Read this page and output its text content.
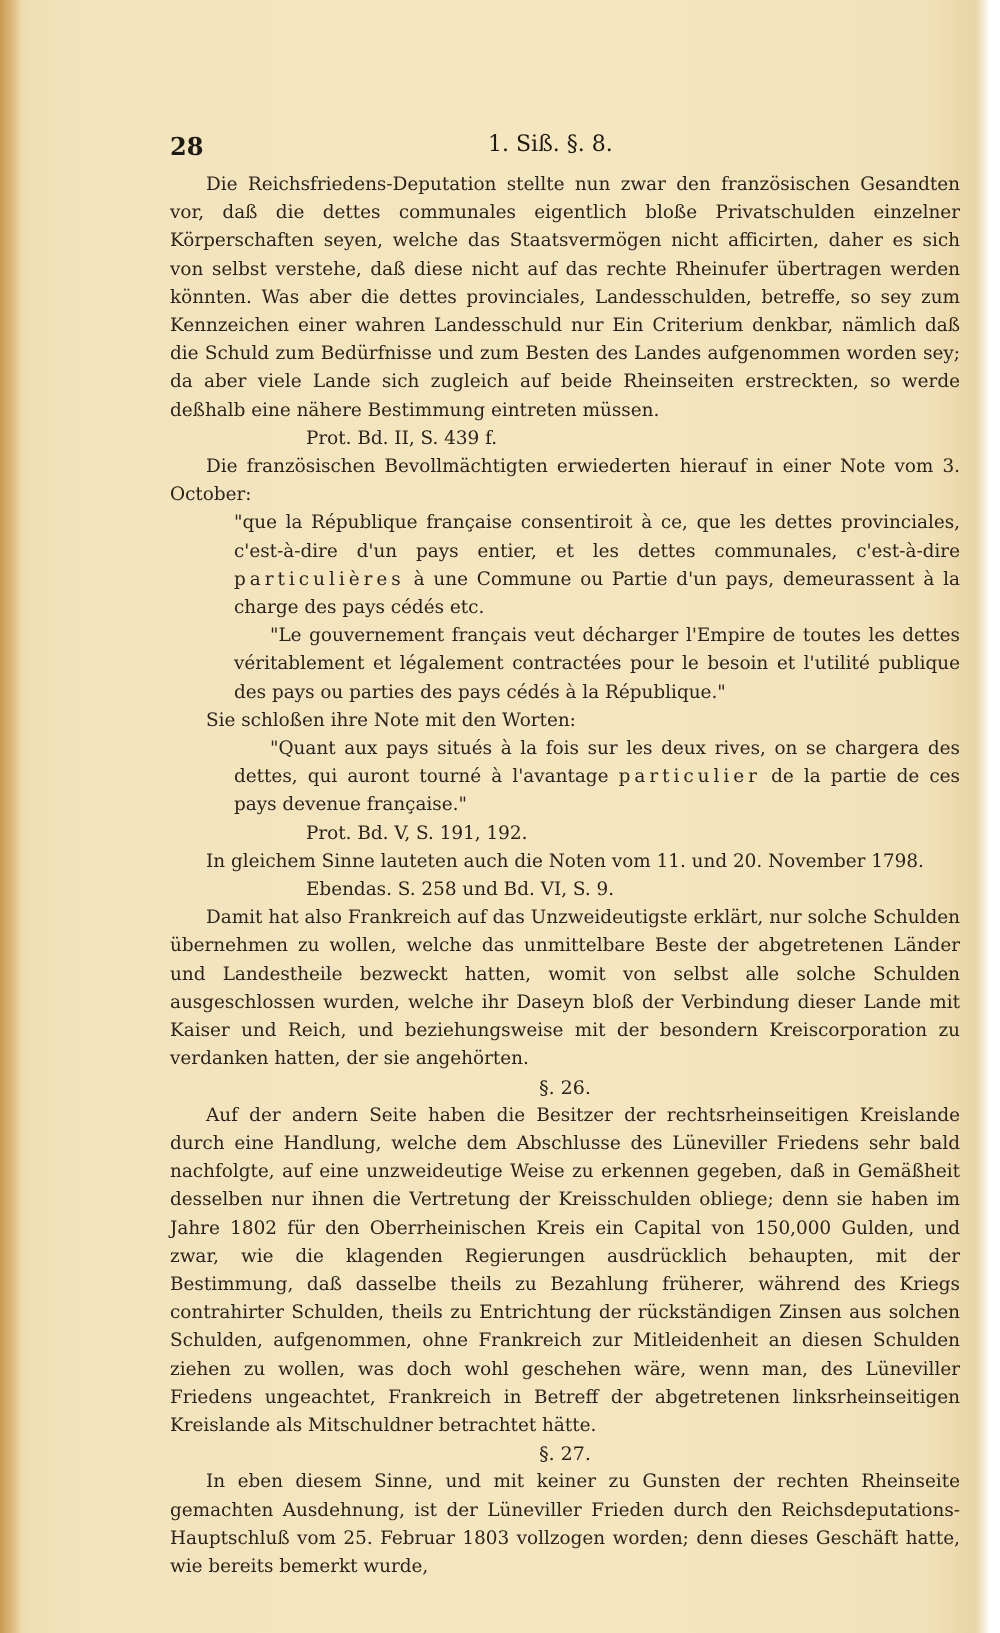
28	1. Siß. §. 8.

Die Reichsfriedens-Deputation stellte nun zwar den französischen Gesandten vor, daß die dettes communales eigentlich bloße Privatschulden einzelner Körperschaften seyen, welche das Staatsvermögen nicht afficirten, daher es sich von selbst verstehe, daß diese nicht auf das rechte Rheinufer übertragen werden könnten. Was aber die dettes provinciales, Landesschulden, betreffe, so sey zum Kennzeichen einer wahren Landesschuld nur Ein Criterium denkbar, nämlich daß die Schuld zum Bedürfnisse und zum Besten des Landes aufgenommen worden sey; da aber viele Lande sich zugleich auf beide Rheinseiten erstreckten, so werde deßhalb eine nähere Bestimmung eintreten müssen.

Prot. Bd. II, S. 439 f.

Die französischen Bevollmächtigten erwiederten hierauf in einer Note vom 3. October:

"que la République française consentiroit à ce, que les dettes provinciales, c'est-à-dire d'un pays entier, et les dettes communales, c'est-à-dire particulières à une Commune ou Partie d'un pays, demeurassent à la charge des pays cédés etc.

"Le gouvernement français veut décharger l'Empire de toutes les dettes véritablement et légalement contractées pour le besoin et l'utilité publique des pays ou parties des pays cédés à la République."

Sie schloßen ihre Note mit den Worten:

"Quant aux pays situés à la fois sur les deux rives, on se chargera des dettes, qui auront tourné à l'avantage particulier de la partie de ces pays devenue française."

Prot. Bd. V, S. 191, 192.

In gleichem Sinne lauteten auch die Noten vom 11. und 20. November 1798.

Ebendas. S. 258 und Bd. VI, S. 9.

Damit hat also Frankreich auf das Unzweideutigste erklärt, nur solche Schulden übernehmen zu wollen, welche das unmittelbare Beste der abgetretenen Länder und Landestheile bezweckt hatten, womit von selbst alle solche Schulden ausgeschlossen wurden, welche ihr Daseyn bloß der Verbindung dieser Lande mit Kaiser und Reich, und beziehungsweise mit der besondern Kreiscorporation zu verdanken hatten, der sie angehörten.

§. 26.

Auf der andern Seite haben die Besitzer der rechtsrheinseitigen Kreislande durch eine Handlung, welche dem Abschlusse des Lüneviller Friedens sehr bald nachfolgte, auf eine unzweideutige Weise zu erkennen gegeben, daß in Gemäßheit desselben nur ihnen die Vertretung der Kreisschulden obliege; denn sie haben im Jahre 1802 für den Oberrheinischen Kreis ein Capital von 150,000 Gulden, und zwar, wie die klagenden Regierungen ausdrücklich behaupten, mit der Bestimmung, daß dasselbe theils zu Bezahlung früherer, während des Kriegs contrahirter Schulden, theils zu Entrichtung der rückständigen Zinsen aus solchen Schulden, aufgenommen, ohne Frankreich zur Mitleidenheit an diesen Schulden ziehen zu wollen, was doch wohl geschehen wäre, wenn man, des Lüneviller Friedens ungeachtet, Frankreich in Betreff der abgetretenen linksrheinseitigen Kreislande als Mitschuldner betrachtet hätte.

§. 27.

In eben diesem Sinne, und mit keiner zu Gunsten der rechten Rheinseite gemachten Ausdehnung, ist der Lüneviller Frieden durch den Reichsdeputations-Hauptschluß vom 25. Februar 1803 vollzogen worden; denn dieses Geschäft hatte, wie bereits bemerkt wurde,
